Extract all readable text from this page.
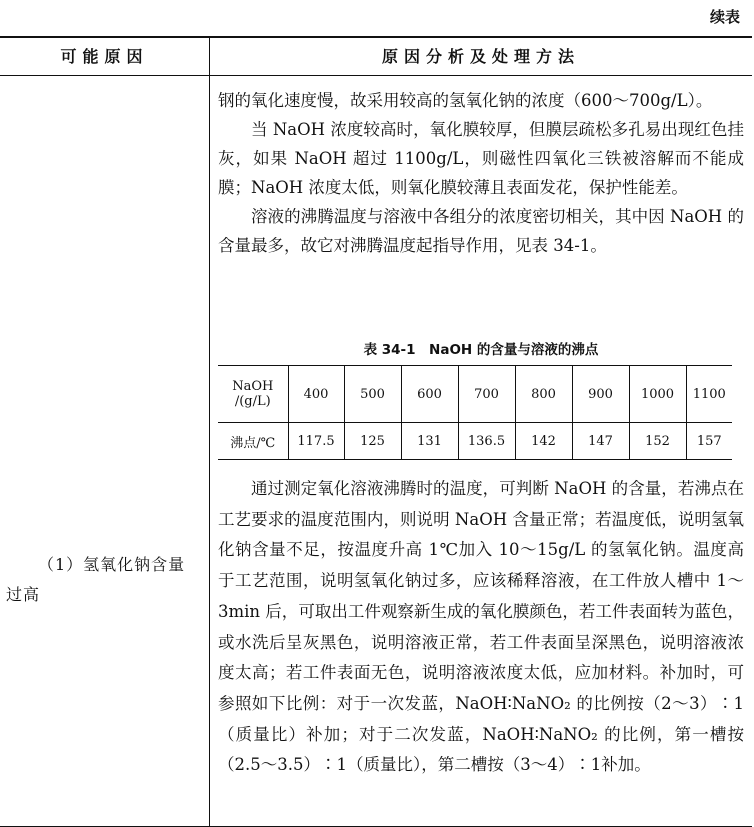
续表
可能原因	原因分析及处理方法
（1）氢氧化钠含量过高

钢的氧化速度慢，故采用较高的氢氧化钠的浓度（600～700g/L）。

当 NaOH 浓度较高时，氧化膜较厚，但膜层疏松多孔易出现红色挂灰，如果 NaOH 超过 1100g/L，则磁性四氧化三铁被溶解而不能成膜；NaOH 浓度太低，则氧化膜较薄且表面发花，保护性能差。

溶液的沸腾温度与溶液中各组分的浓度密切相关，其中因 NaOH 的含量最多，故它对沸腾温度起指导作用，见表 34-1。

表 34-1　NaOH 的含量与溶液的沸点
NaOH
/(g/L)	400	500	600	700	800	900	1000	1100
沸点/℃	117.5	125	131	136.5	142	147	152	157
通过测定氧化溶液沸腾时的温度，可判断 NaOH 的含量，若沸点在工艺要求的温度范围内，则说明 NaOH 含量正常；若温度低，说明氢氧化钠含量不足，按温度升高 1℃加入 10～15g/L 的氢氧化钠。温度高于工艺范围，说明氢氧化钠过多，应该稀释溶液，在工件放人槽中 1～3min 后，可取出工件观察新生成的氧化膜颜色，若工件表面转为蓝色，或水洗后呈灰黑色，说明溶液正常，若工件表面呈深黑色，说明溶液浓度太高；若工件表面无色，说明溶液浓度太低，应加材料。补加时，可参照如下比例：对于一次发蓝，NaOH∶NaNO₂ 的比例按（2～3）∶1（质量比）补加；对于二次发蓝，NaOH∶NaNO₂ 的比例，第一槽按（2.5～3.5）∶1（质量比），第二槽按（3～4）∶1补加。
